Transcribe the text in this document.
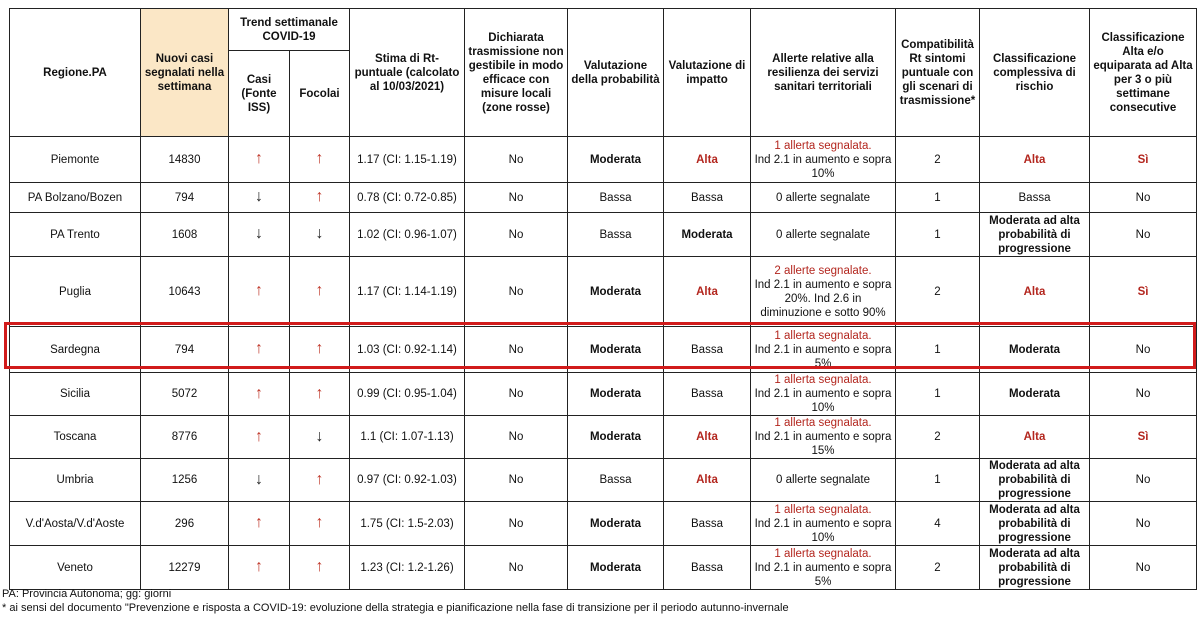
Regione.PA	Nuovi casi segnalati nella settimana	Trend settimanale COVID-19		Stima di Rt-puntuale (calcolato al 10/03/2021)	Dichiarata trasmissione non gestibile in modo efficace con misure locali (zone rosse)	Valutazione della probabilità	Valutazione di impatto	Allerte relative alla resilienza dei servizi sanitari territoriali	Compatibilità Rt sintomi puntuale con gli scenari di trasmissione*	Classificazione complessiva di rischio	Classificazione Alta e/o equiparata ad Alta per 3 o più settimane consecutive
		Casi (Fonte ISS)	Focolai								
Piemonte	14830	↑	↑	1.17 (CI: 1.15-1.19)	No	Moderata	Alta	1 allerta segnalata.
Ind 2.1 in aumento e sopra 10%	2	Alta	Sì
PA Bolzano/Bozen	794	↓	↑	0.78 (CI: 0.72-0.85)	No	Bassa	Bassa	0 allerte segnalate	1	Bassa	No
PA Trento	1608	↓	↓	1.02 (CI: 0.96-1.07)	No	Bassa	Moderata	0 allerte segnalate	1	Moderata ad alta probabilità di progressione	No
Puglia	10643	↑	↑	1.17 (CI: 1.14-1.19)	No	Moderata	Alta	2 allerte segnalate.
Ind 2.1 in aumento e sopra 20%. Ind 2.6 in diminuzione e sotto 90%	2	Alta	Sì
Sardegna	794	↑	↑	1.03 (CI: 0.92-1.14)	No	Moderata	Bassa	1 allerta segnalata.
Ind 2.1 in aumento e sopra 5%	1	Moderata	No
Sicilia	5072	↑	↑	0.99 (CI: 0.95-1.04)	No	Moderata	Bassa	1 allerta segnalata.
Ind 2.1 in aumento e sopra 10%	1	Moderata	No
Toscana	8776	↑	↓	1.1 (CI: 1.07-1.13)	No	Moderata	Alta	1 allerta segnalata.
Ind 2.1 in aumento e sopra 15%	2	Alta	Sì
Umbria	1256	↓	↑	0.97 (CI: 0.92-1.03)	No	Bassa	Alta	0 allerte segnalate	1	Moderata ad alta probabilità di progressione	No
V.d'Aosta/V.d'Aoste	296	↑	↑	1.75 (CI: 1.5-2.03)	No	Moderata	Bassa	1 allerta segnalata.
Ind 2.1 in aumento e sopra 10%	4	Moderata ad alta probabilità di progressione	No
Veneto	12279	↑	↑	1.23 (CI: 1.2-1.26)	No	Moderata	Bassa	1 allerta segnalata.
Ind 2.1 in aumento e sopra 5%	2	Moderata ad alta probabilità di progressione	No
PA: Provincia Autonoma; gg: giorni
* ai sensi del documento "Prevenzione e risposta a COVID-19: evoluzione della strategia e pianificazione nella fase di transizione per il periodo autunno-invernale
